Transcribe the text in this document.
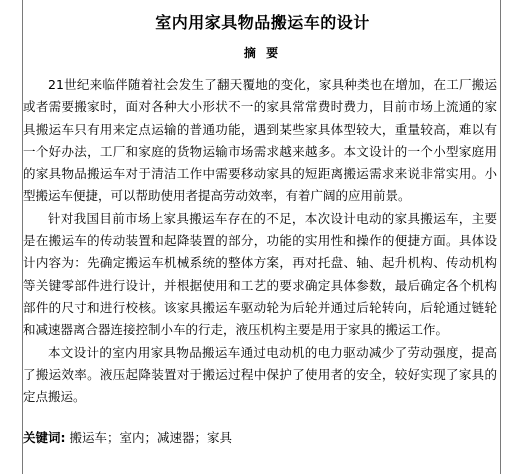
室内用家具物品搬运车的设计
摘 要

21世纪来临伴随着社会发生了翻天覆地的变化，家具种类也在增加，在工厂搬运或者需要搬家时，面对各种大小形状不一的家具常常费时费力，目前市场上流通的家具搬运车只有用来定点运输的普通功能，遇到某些家具体型较大，重量较高，难以有一个好办法，工厂和家庭的货物运输市场需求越来越多。本文设计的一个小型家庭用的家具物品搬运车对于清洁工作中需要移动家具的短距离搬运需求来说非常实用。小型搬运车便捷，可以帮助使用者提高劳动效率，有着广阔的应用前景。

针对我国目前市场上家具搬运车存在的不足，本次设计电动的家具搬运车，主要是在搬运车的传动装置和起降装置的部分，功能的实用性和操作的便捷方面。具体设计内容为：先确定搬运车机械系统的整体方案，再对托盘、轴、起升机构、传动机构等关键零部件进行设计，并根据使用和工艺的要求确定具体参数，最后确定各个机构部件的尺寸和进行校核。该家具搬运车驱动轮为后轮并通过后轮转向，后轮通过链轮和减速器离合器连接控制小车的行走，液压机构主要是用于家具的搬运工作。

本文设计的室内用家具物品搬运车通过电动机的电力驱动减少了劳动强度，提高了搬运效率。液压起降装置对于搬运过程中保护了使用者的安全，较好实现了家具的定点搬运。

关键词: 搬运车；室内；减速器；家具
